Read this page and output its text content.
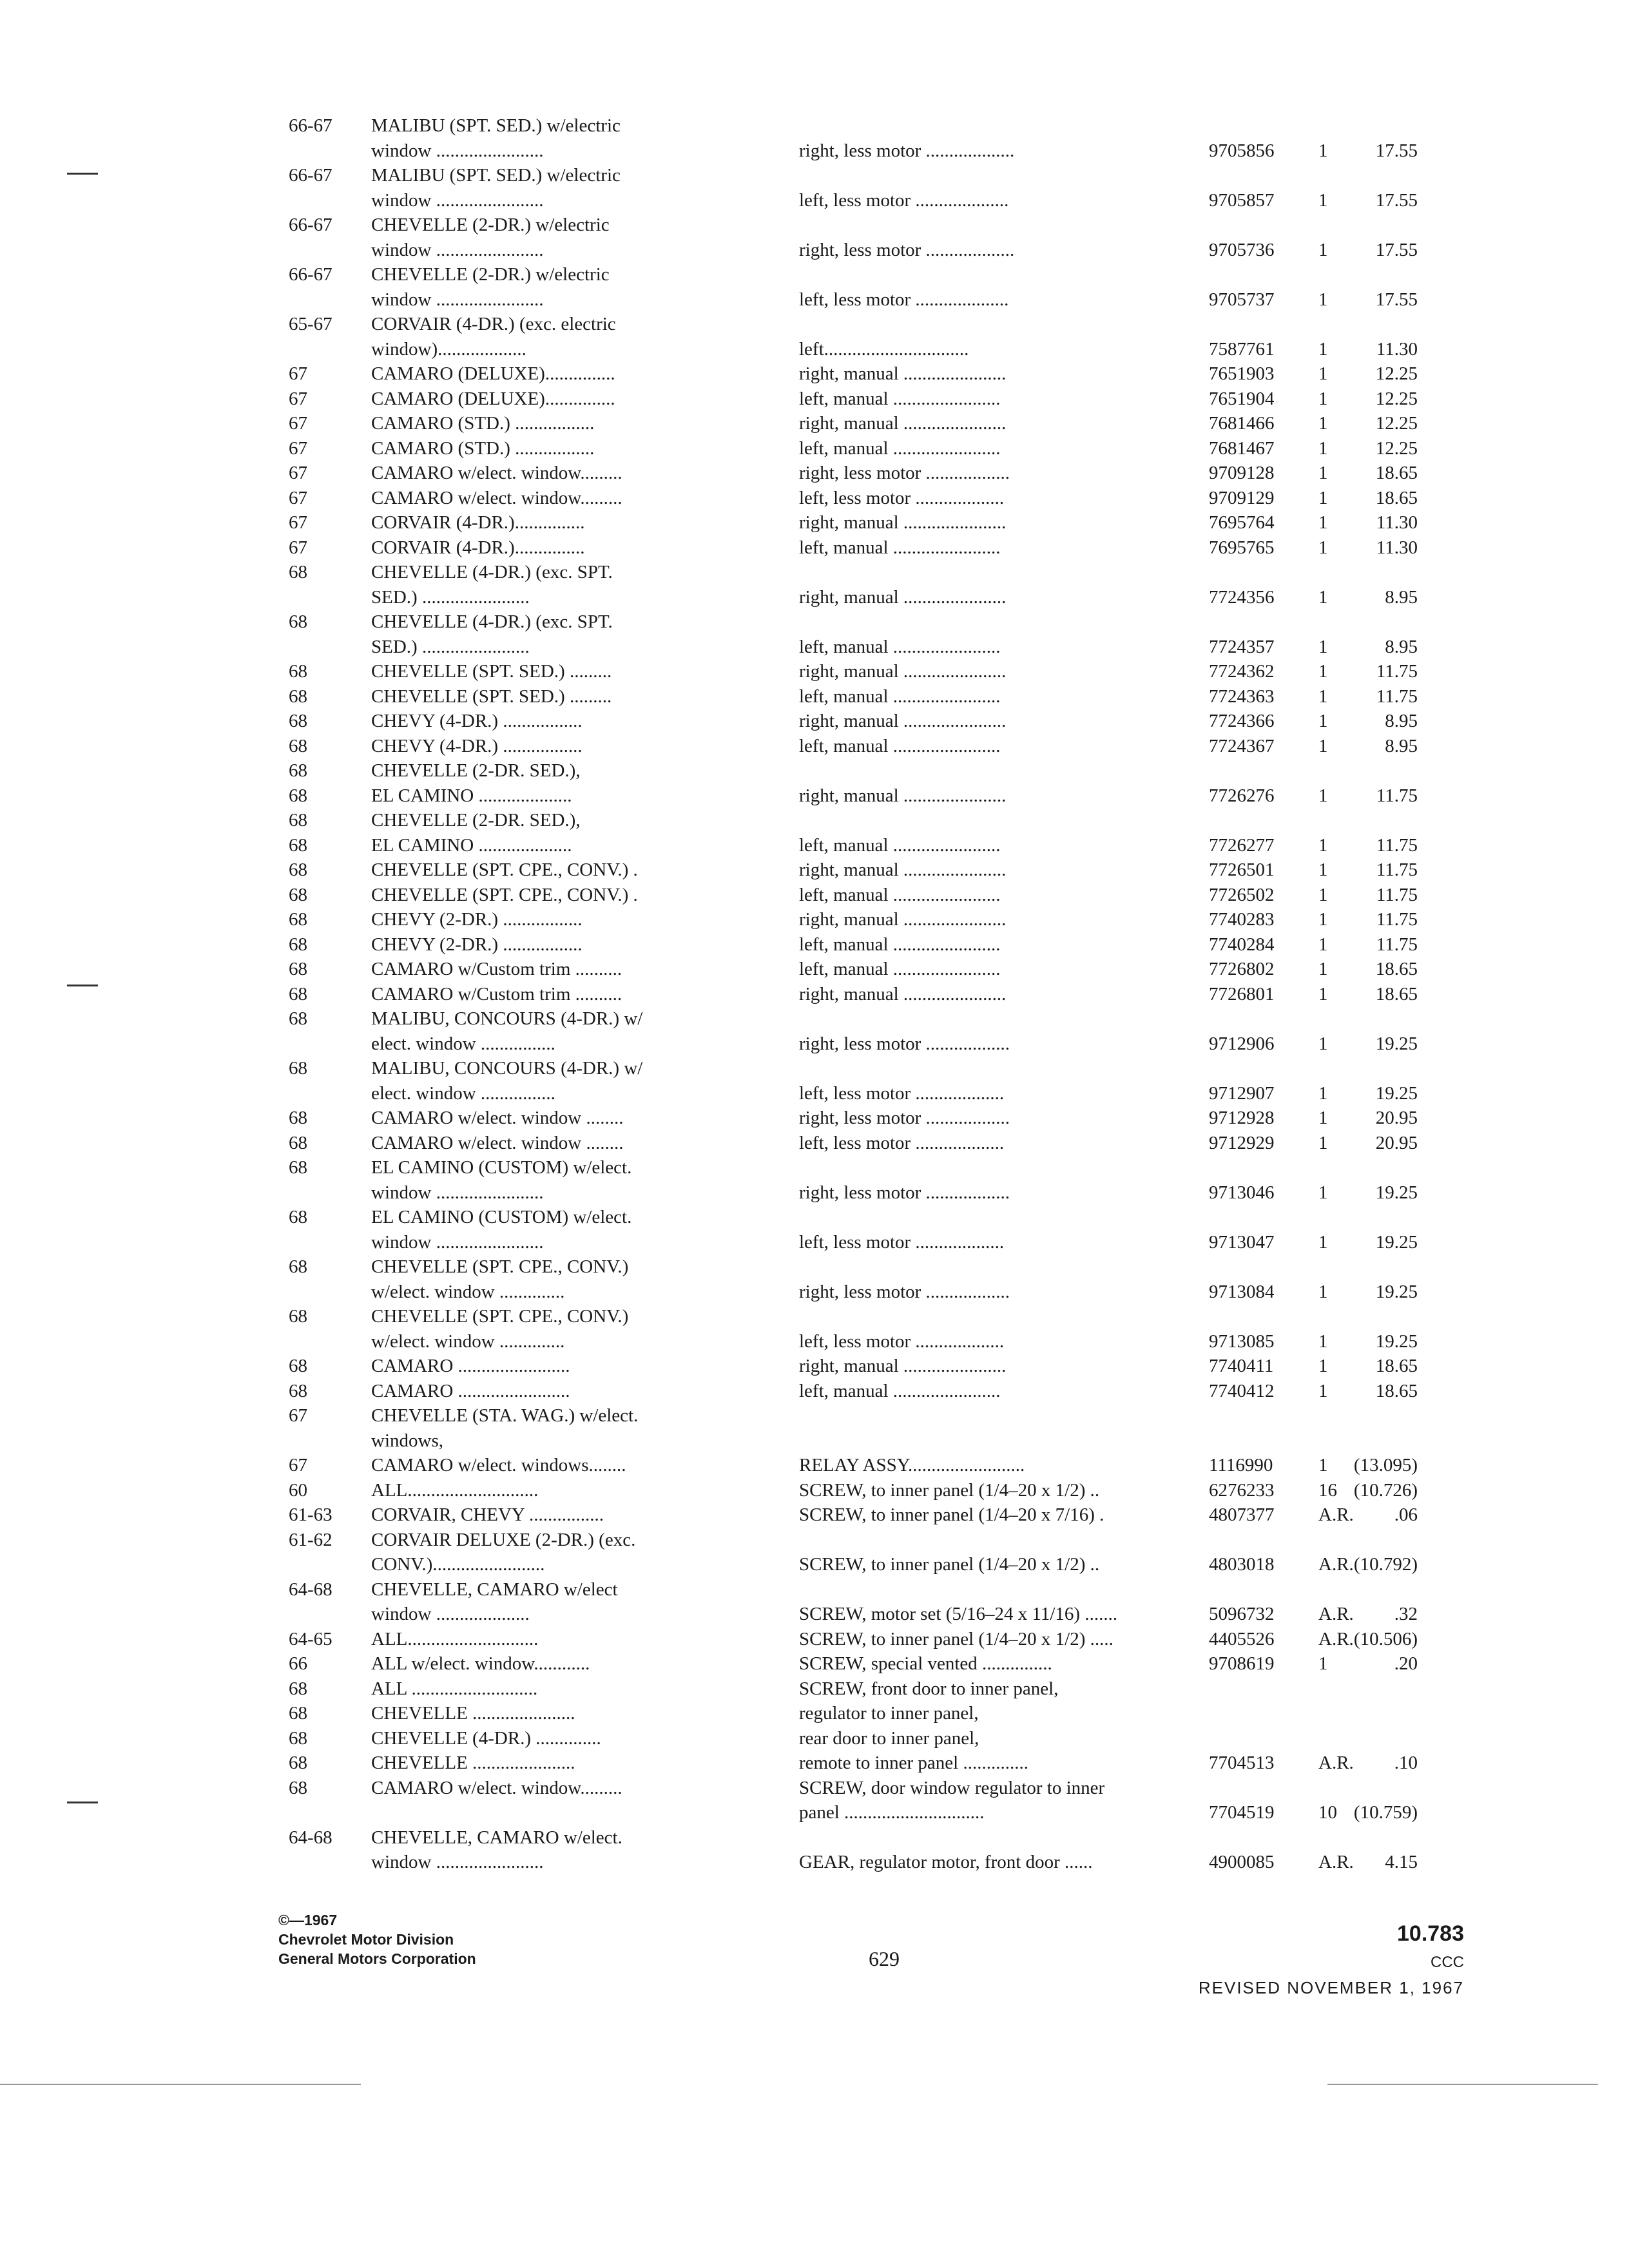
66-67 MALIBU (SPT. SED.) w/electric
window .......................	right, less motor ...................	9705856 1	17.55
66-67 MALIBU (SPT. SED.) w/electric
window .......................	left, less motor ....................	9705857 1	17.55
66-67 CHEVELLE (2-DR.) w/electric
window .......................	right, less motor ...................	9705736 1	17.55
66-67 CHEVELLE (2-DR.) w/electric
window .......................	left, less motor ....................	9705737 1	17.55
65-67 CORVAIR (4-DR.) (exc. electric
window)...................	left...............................	7587761 1	11.30
67	CAMARO (DELUXE)...............	right, manual ......................	7651903 1	12.25
67	CAMARO (DELUXE)...............	left, manual .......................	7651904 1	12.25
67	CAMARO (STD.) .................	right, manual ......................	7681466 1	12.25
67	CAMARO (STD.) .................	left, manual .......................	7681467 1	12.25
67	CAMARO w/elect. window.........	right, less motor ..................	9709128 1	18.65
67	CAMARO w/elect. window.........	left, less motor ...................	9709129 1	18.65
67	CORVAIR (4-DR.)...............	right, manual ......................	7695764 1	11.30
67	CORVAIR (4-DR.)...............	left, manual .......................	7695765 1	11.30
68	CHEVELLE (4-DR.) (exc. SPT.
SED.) .......................	right, manual ......................	7724356 1	8.95
68	CHEVELLE (4-DR.) (exc. SPT.
SED.) .......................	left, manual .......................	7724357 1	8.95
68	CHEVELLE (SPT. SED.) .........	right, manual ......................	7724362 1	11.75
68	CHEVELLE (SPT. SED.) .........	left, manual .......................	7724363 1	11.75
68	CHEVY (4-DR.) .................	right, manual ......................	7724366 1	8.95
68	CHEVY (4-DR.) .................	left, manual .......................	7724367 1	8.95
68	CHEVELLE (2-DR. SED.),
68	EL CAMINO ....................	right, manual ......................	7726276 1	11.75
68	CHEVELLE (2-DR. SED.),
68	EL CAMINO ....................	left, manual .......................	7726277 1	11.75
68	CHEVELLE (SPT. CPE., CONV.) .	right, manual ......................	7726501 1	11.75
68	CHEVELLE (SPT. CPE., CONV.) .	left, manual .......................	7726502 1	11.75
68	CHEVY (2-DR.) .................	right, manual ......................	7740283 1	11.75
68	CHEVY (2-DR.) .................	left, manual .......................	7740284 1	11.75
68	CAMARO w/Custom trim ..........	left, manual .......................	7726802 1	18.65
68	CAMARO w/Custom trim ..........	right, manual ......................	7726801 1	18.65
68	MALIBU, CONCOURS (4-DR.) w/
elect. window ................	right, less motor ..................	9712906 1	19.25
68	MALIBU, CONCOURS (4-DR.) w/
elect. window ................	left, less motor ...................	9712907 1	19.25
68	CAMARO w/elect. window ........	right, less motor ..................	9712928 1	20.95
68	CAMARO w/elect. window ........	left, less motor ...................	9712929 1	20.95
68	EL CAMINO (CUSTOM) w/elect.
window .......................	right, less motor ..................	9713046 1	19.25
68	EL CAMINO (CUSTOM) w/elect.
window .......................	left, less motor ...................	9713047 1	19.25
68	CHEVELLE (SPT. CPE., CONV.)
w/elect. window ..............	right, less motor ..................	9713084 1	19.25
68	CHEVELLE (SPT. CPE., CONV.)
w/elect. window ..............	left, less motor ...................	9713085 1	19.25
68	CAMARO ........................	right, manual ......................	7740411 1	18.65
68	CAMARO ........................	left, manual .......................	7740412 1	18.65
67	CHEVELLE (STA. WAG.) w/elect.
windows,
67	CAMARO w/elect. windows........	RELAY ASSY.........................	1116990 1	(13.095)
60	ALL............................	SCREW, to inner panel (1/4–20 x 1/2) ..	6276233 16 (10.726)
61-63 CORVAIR, CHEVY ................	SCREW, to inner panel (1/4–20 x 7/16) .	4807377 A.R.	.06
61-62 CORVAIR DELUXE (2-DR.) (exc.
CONV.)........................	SCREW, to inner panel (1/4–20 x 1/2) ..	4803018 A.R. (10.792)
64-68 CHEVELLE, CAMARO w/elect
window ....................	SCREW, motor set (5/16–24 x 11/16) .......	5096732 A.R.	.32
64-65 ALL............................	SCREW, to inner panel (1/4–20 x 1/2) .....	4405526 A.R. (10.506)
66	ALL w/elect. window............	SCREW, special vented ...............	9708619 1	.20
68	ALL ...........................	SCREW, front door to inner panel,
68	CHEVELLE ......................	regulator to inner panel,
68	CHEVELLE (4-DR.) ..............	rear door to inner panel,
68	CHEVELLE ......................	remote to inner panel ..............	7704513 A.R.	.10
68	CAMARO w/elect. window.........	SCREW, door window regulator to inner
panel ..............................	7704519 10 (10.759)
64-68 CHEVELLE, CAMARO w/elect.
window .......................	GEAR, regulator motor, front door ......	4900085 A.R.	4.15
©—1967
Chevrolet Motor Division
General Motors Corporation	629
10.783
CCC
REVISED NOVEMBER 1, 1967
